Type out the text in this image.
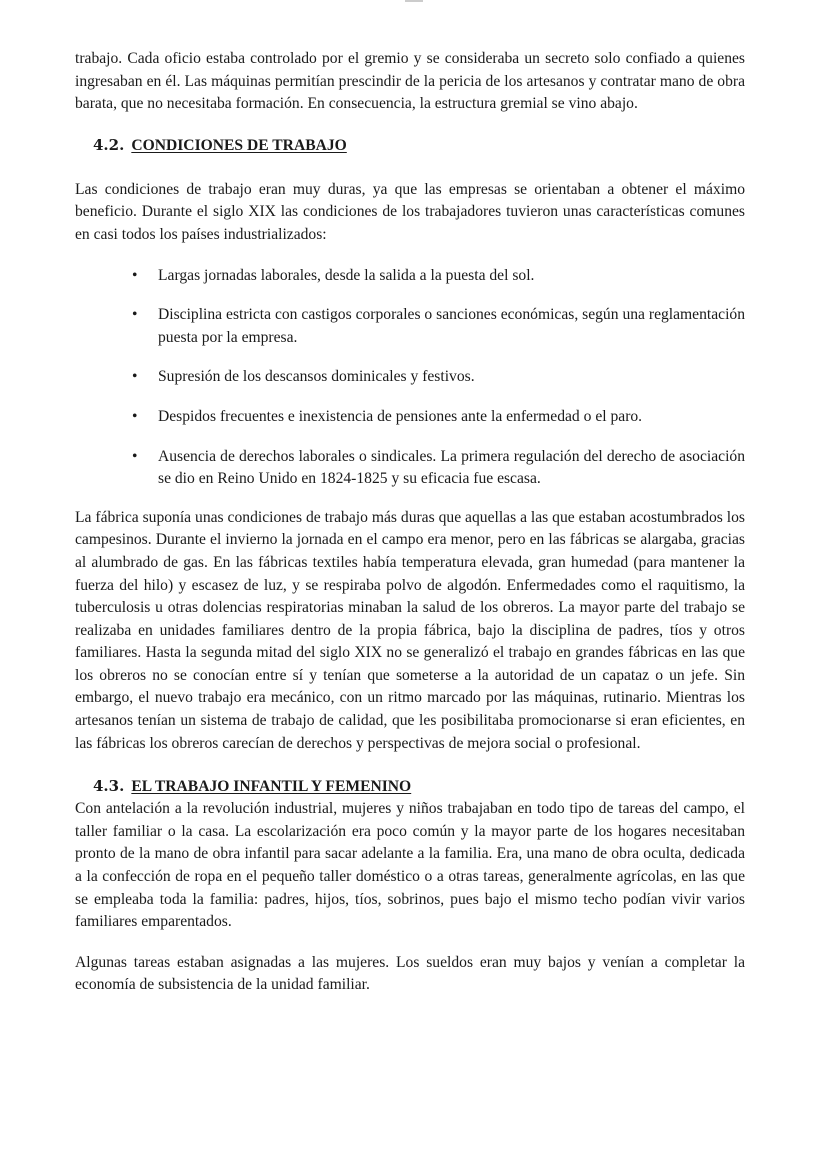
trabajo. Cada oficio estaba controlado por el gremio y se consideraba un secreto solo confiado a quienes ingresaban en él. Las máquinas permitían prescindir de la pericia de los artesanos y contratar mano de obra barata, que no necesitaba formación. En consecuencia, la estructura gremial se vino abajo.

4.2. CONDICIONES DE TRABAJO

Las condiciones de trabajo eran muy duras, ya que las empresas se orientaban a obtener el máximo beneficio. Durante el siglo XIX las condiciones de los trabajadores tuvieron unas características comunes en casi todos los países industrializados:

• Largas jornadas laborales, desde la salida a la puesta del sol.
• Disciplina estricta con castigos corporales o sanciones económicas, según una reglamentación puesta por la empresa.
• Supresión de los descansos dominicales y festivos.
• Despidos frecuentes e inexistencia de pensiones ante la enfermedad o el paro.
• Ausencia de derechos laborales o sindicales. La primera regulación del derecho de asociación se dio en Reino Unido en 1824-1825 y su eficacia fue escasa.

La fábrica suponía unas condiciones de trabajo más duras que aquellas a las que estaban acostumbrados los campesinos. Durante el invierno la jornada en el campo era menor, pero en las fábricas se alargaba, gracias al alumbrado de gas. En las fábricas textiles había temperatura elevada, gran humedad (para mantener la fuerza del hilo) y escasez de luz, y se respiraba polvo de algodón. Enfermedades como el raquitismo, la tuberculosis u otras dolencias respiratorias minaban la salud de los obreros. La mayor parte del trabajo se realizaba en unidades familiares dentro de la propia fábrica, bajo la disciplina de padres, tíos y otros familiares. Hasta la segunda mitad del siglo XIX no se generalizó el trabajo en grandes fábricas en las que los obreros no se conocían entre sí y tenían que someterse a la autoridad de un capataz o un jefe. Sin embargo, el nuevo trabajo era mecánico, con un ritmo marcado por las máquinas, rutinario. Mientras los artesanos tenían un sistema de trabajo de calidad, que les posibilitaba promocionarse si eran eficientes, en las fábricas los obreros carecían de derechos y perspectivas de mejora social o profesional.

4.3. EL TRABAJO INFANTIL Y FEMENINO

Con antelación a la revolución industrial, mujeres y niños trabajaban en todo tipo de tareas del campo, el taller familiar o la casa. La escolarización era poco común y la mayor parte de los hogares necesitaban pronto de la mano de obra infantil para sacar adelante a la familia. Era, una mano de obra oculta, dedicada a la confección de ropa en el pequeño taller doméstico o a otras tareas, generalmente agrícolas, en las que se empleaba toda la familia: padres, hijos, tíos, sobrinos, pues bajo el mismo techo podían vivir varios familiares emparentados.

Algunas tareas estaban asignadas a las mujeres. Los sueldos eran muy bajos y venían a completar la economía de subsistencia de la unidad familiar.
